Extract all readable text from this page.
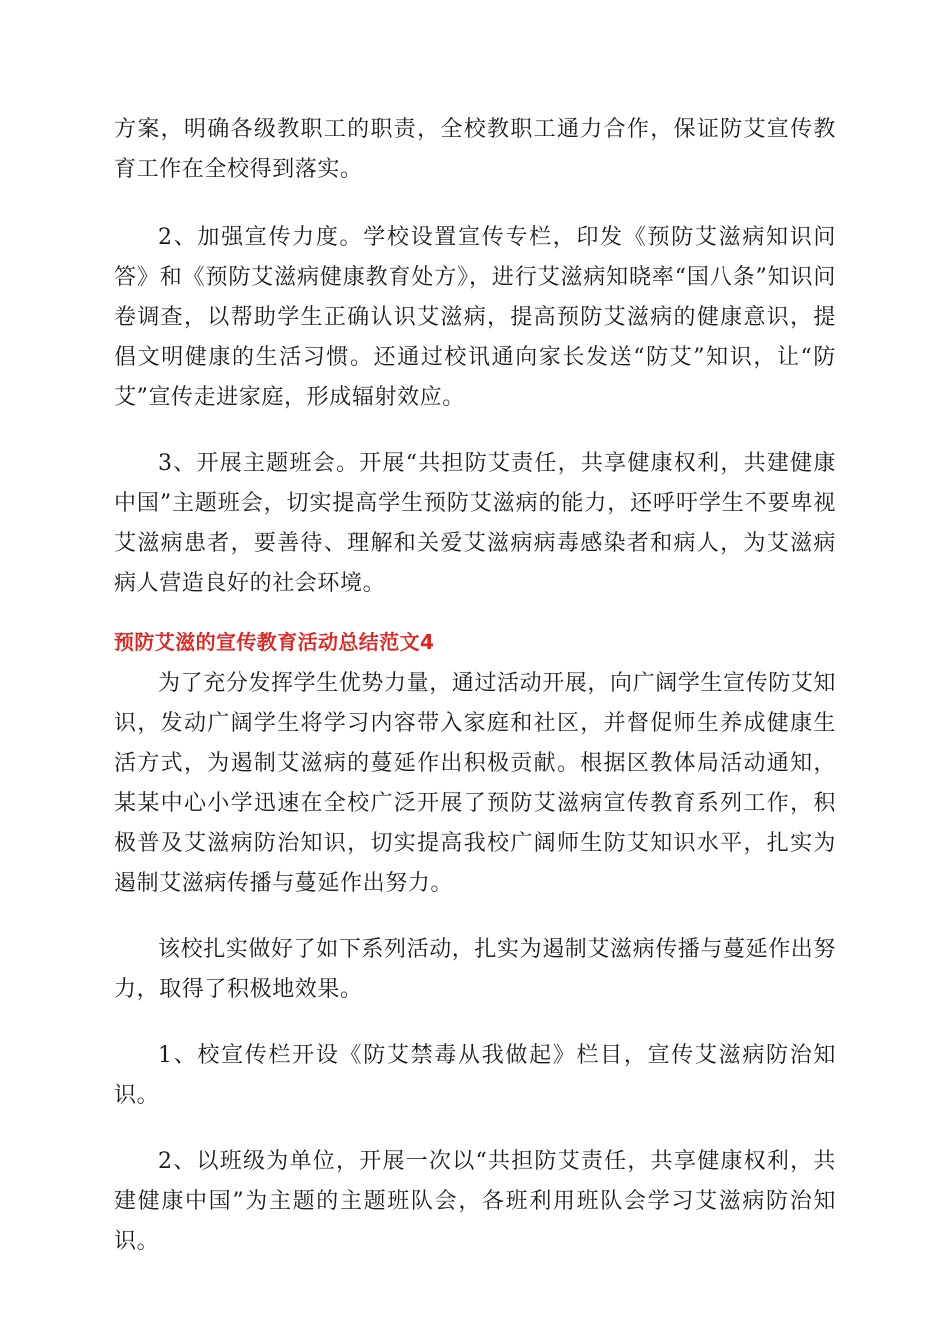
方案，明确各级教职工的职责，全校教职工通力合作，保证防艾宣传教育工作在全校得到落实。

2、加强宣传力度。学校设置宣传专栏，印发《预防艾滋病知识问答》和《预防艾滋病健康教育处方》，进行艾滋病知晓率“国八条”知识问卷调查，以帮助学生正确认识艾滋病，提高预防艾滋病的健康意识，提倡文明健康的生活习惯。还通过校讯通向家长发送“防艾”知识，让“防艾”宣传走进家庭，形成辐射效应。

3、开展主题班会。开展“共担防艾责任，共享健康权利，共建健康中国”主题班会，切实提高学生预防艾滋病的能力，还呼吁学生不要卑视艾滋病患者，要善待、理解和关爱艾滋病病毒感染者和病人，为艾滋病病人营造良好的社会环境。

预防艾滋的宣传教育活动总结范文4

为了充分发挥学生优势力量，通过活动开展，向广阔学生宣传防艾知识，发动广阔学生将学习内容带入家庭和社区，并督促师生养成健康生活方式，为遏制艾滋病的蔓延作出积极贡献。根据区教体局活动通知，某某中心小学迅速在全校广泛开展了预防艾滋病宣传教育系列工作，积极普及艾滋病防治知识，切实提高我校广阔师生防艾知识水平，扎实为遏制艾滋病传播与蔓延作出努力。

该校扎实做好了如下系列活动，扎实为遏制艾滋病传播与蔓延作出努力，取得了积极地效果。

1、校宣传栏开设《防艾禁毒从我做起》栏目，宣传艾滋病防治知识。

2、以班级为单位，开展一次以“共担防艾责任，共享健康权利，共建健康中国”为主题的主题班队会，各班利用班队会学习艾滋病防治知识。
